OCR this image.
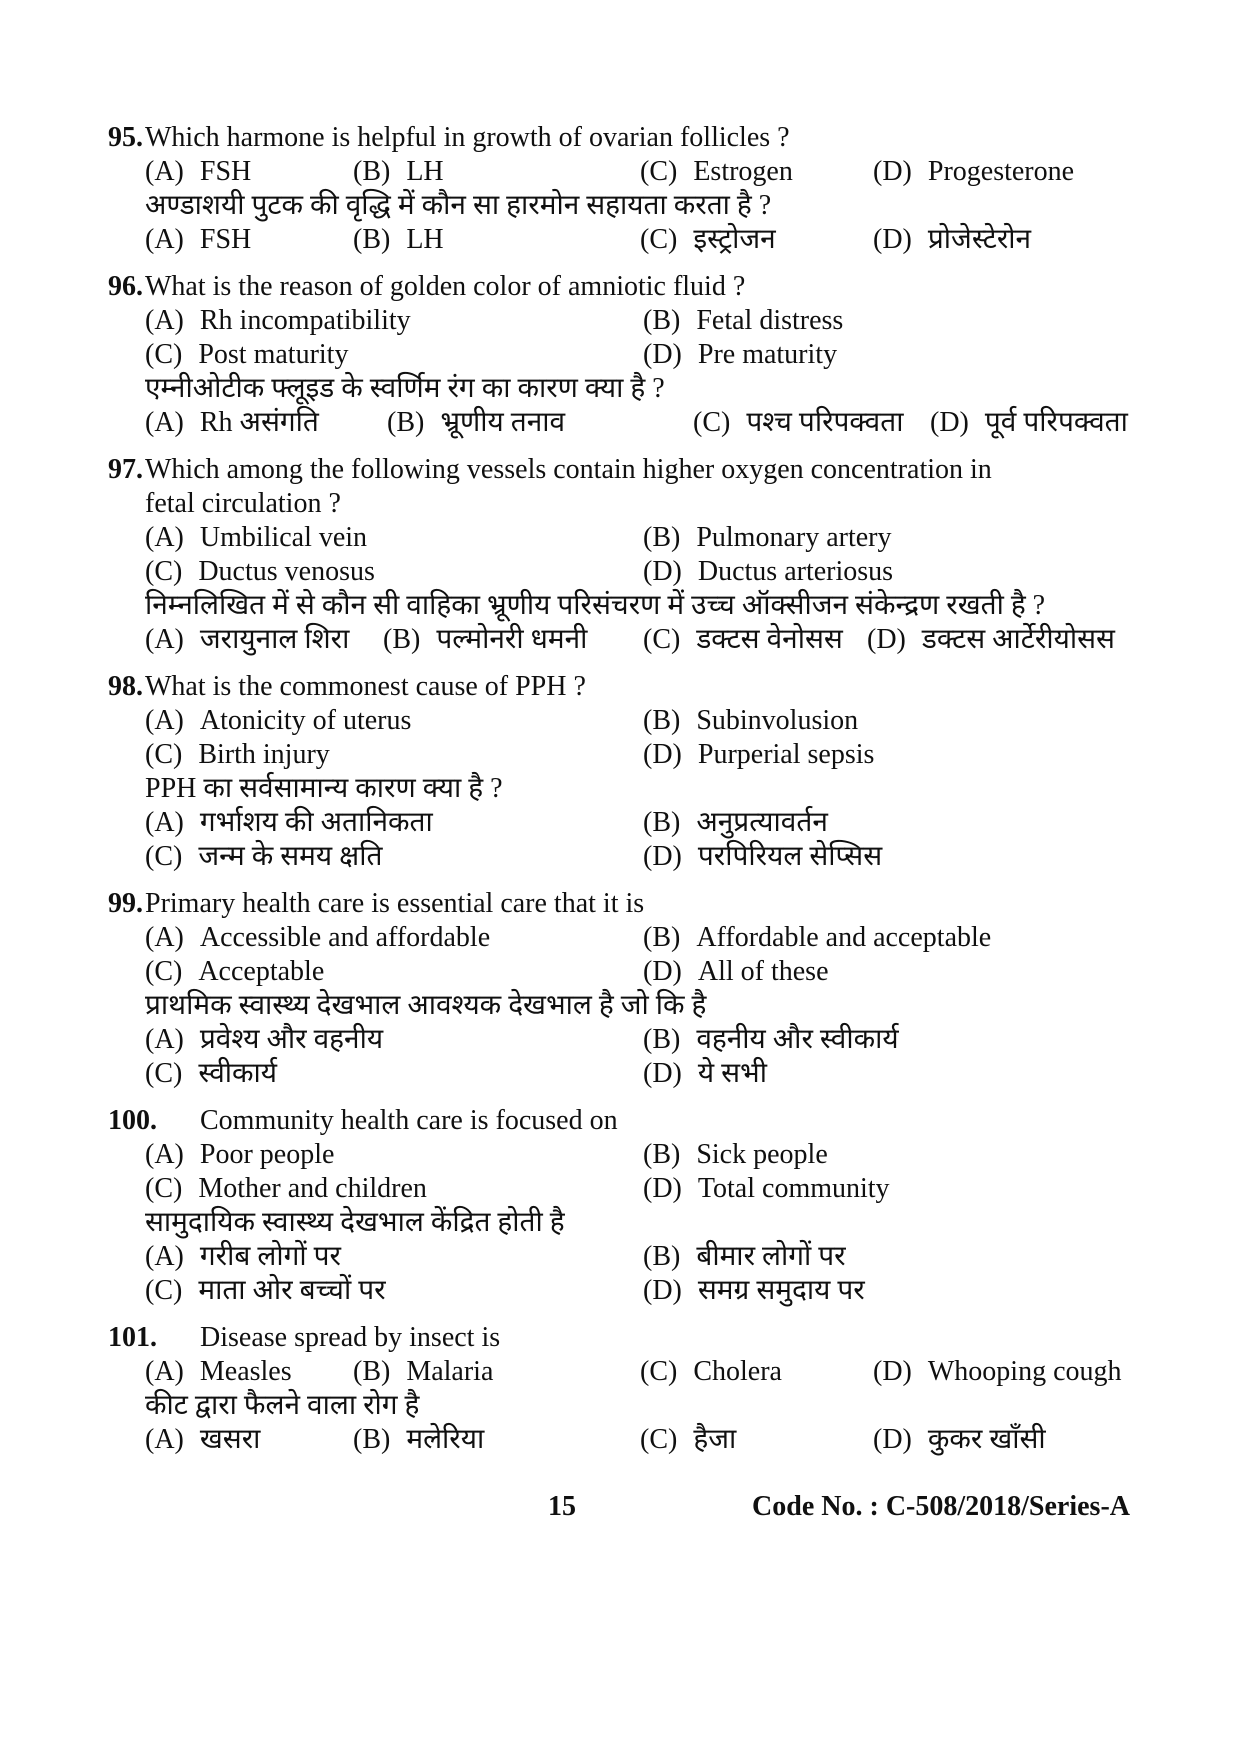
95. Which harmone is helpful in growth of ovarian follicles ?
(A) FSH	(B) LH	(C) Estrogen	(D) Progesterone
अण्डाशयी पुटक की वृद्धि में कौन सा हारमोन सहायता करता है ?
(A) FSH	(B) LH	(C) इस्ट्रोजन	(D) प्रोजेस्टेरोन
96. What is the reason of golden color of amniotic fluid ?
(A) Rh incompatibility	(B) Fetal distress
(C) Post maturity	(D) Pre maturity
एम्नीओटीक फ्लूइड के स्वर्णिम रंग का कारण क्या है ?
(A) Rh असंगति (B) भ्रूणीय तनाव	(C) पश्च परिपक्वता (D) पूर्व परिपक्वता
97. Which among the following vessels contain higher oxygen concentration in
fetal circulation ?
(A) Umbilical vein	(B) Pulmonary artery
(C) Ductus venosus	(D) Ductus arteriosus
निम्नलिखित में से कौन सी वाहिका भ्रूणीय परिसंचरण में उच्च ऑक्सीजन संकेन्द्रण रखती है ?
(A) जरायुनाल शिरा (B) पल्मोनरी धमनी (C) डक्टस वेनोसस (D) डक्टस आर्टेरीयोसस
98. What is the commonest cause of PPH ?
(A) Atonicity of uterus	(B) Subinvolusion
(C) Birth injury	(D) Purperial sepsis
PPH का सर्वसामान्य कारण क्या है ?
(A) गर्भाशय की अतानिकता	(B) अनुप्रत्यावर्तन
(C) जन्म के समय क्षति	(D) परपिरियल सेप्सिस
99. Primary health care is essential care that it is
(A) Accessible and affordable	(B) Affordable and acceptable
(C) Acceptable	(D) All of these
प्राथमिक स्वास्थ्य देखभाल आवश्यक देखभाल है जो कि है
(A) प्रवेश्य और वहनीय	(B) वहनीय और स्वीकार्य
(C) स्वीकार्य	(D) ये सभी
100.	Community health care is focused on
(A) Poor people	(B) Sick people
(C) Mother and children	(D) Total community
सामुदायिक स्वास्थ्य देखभाल केंद्रित होती है
(A) गरीब लोगों पर	(B) बीमार लोगों पर
(C) माता ओर बच्चों पर	(D) समग्र समुदाय पर
101.	Disease spread by insect is
(A) Measles (B) Malaria	(C) Cholera	(D) Whooping cough
कीट द्वारा फैलने वाला रोग है
(A) खसरा	(B) मलेरिया	(C) हैजा	(D) कुकर खाँसी
15	Code No. : C-508/2018/Series-A
